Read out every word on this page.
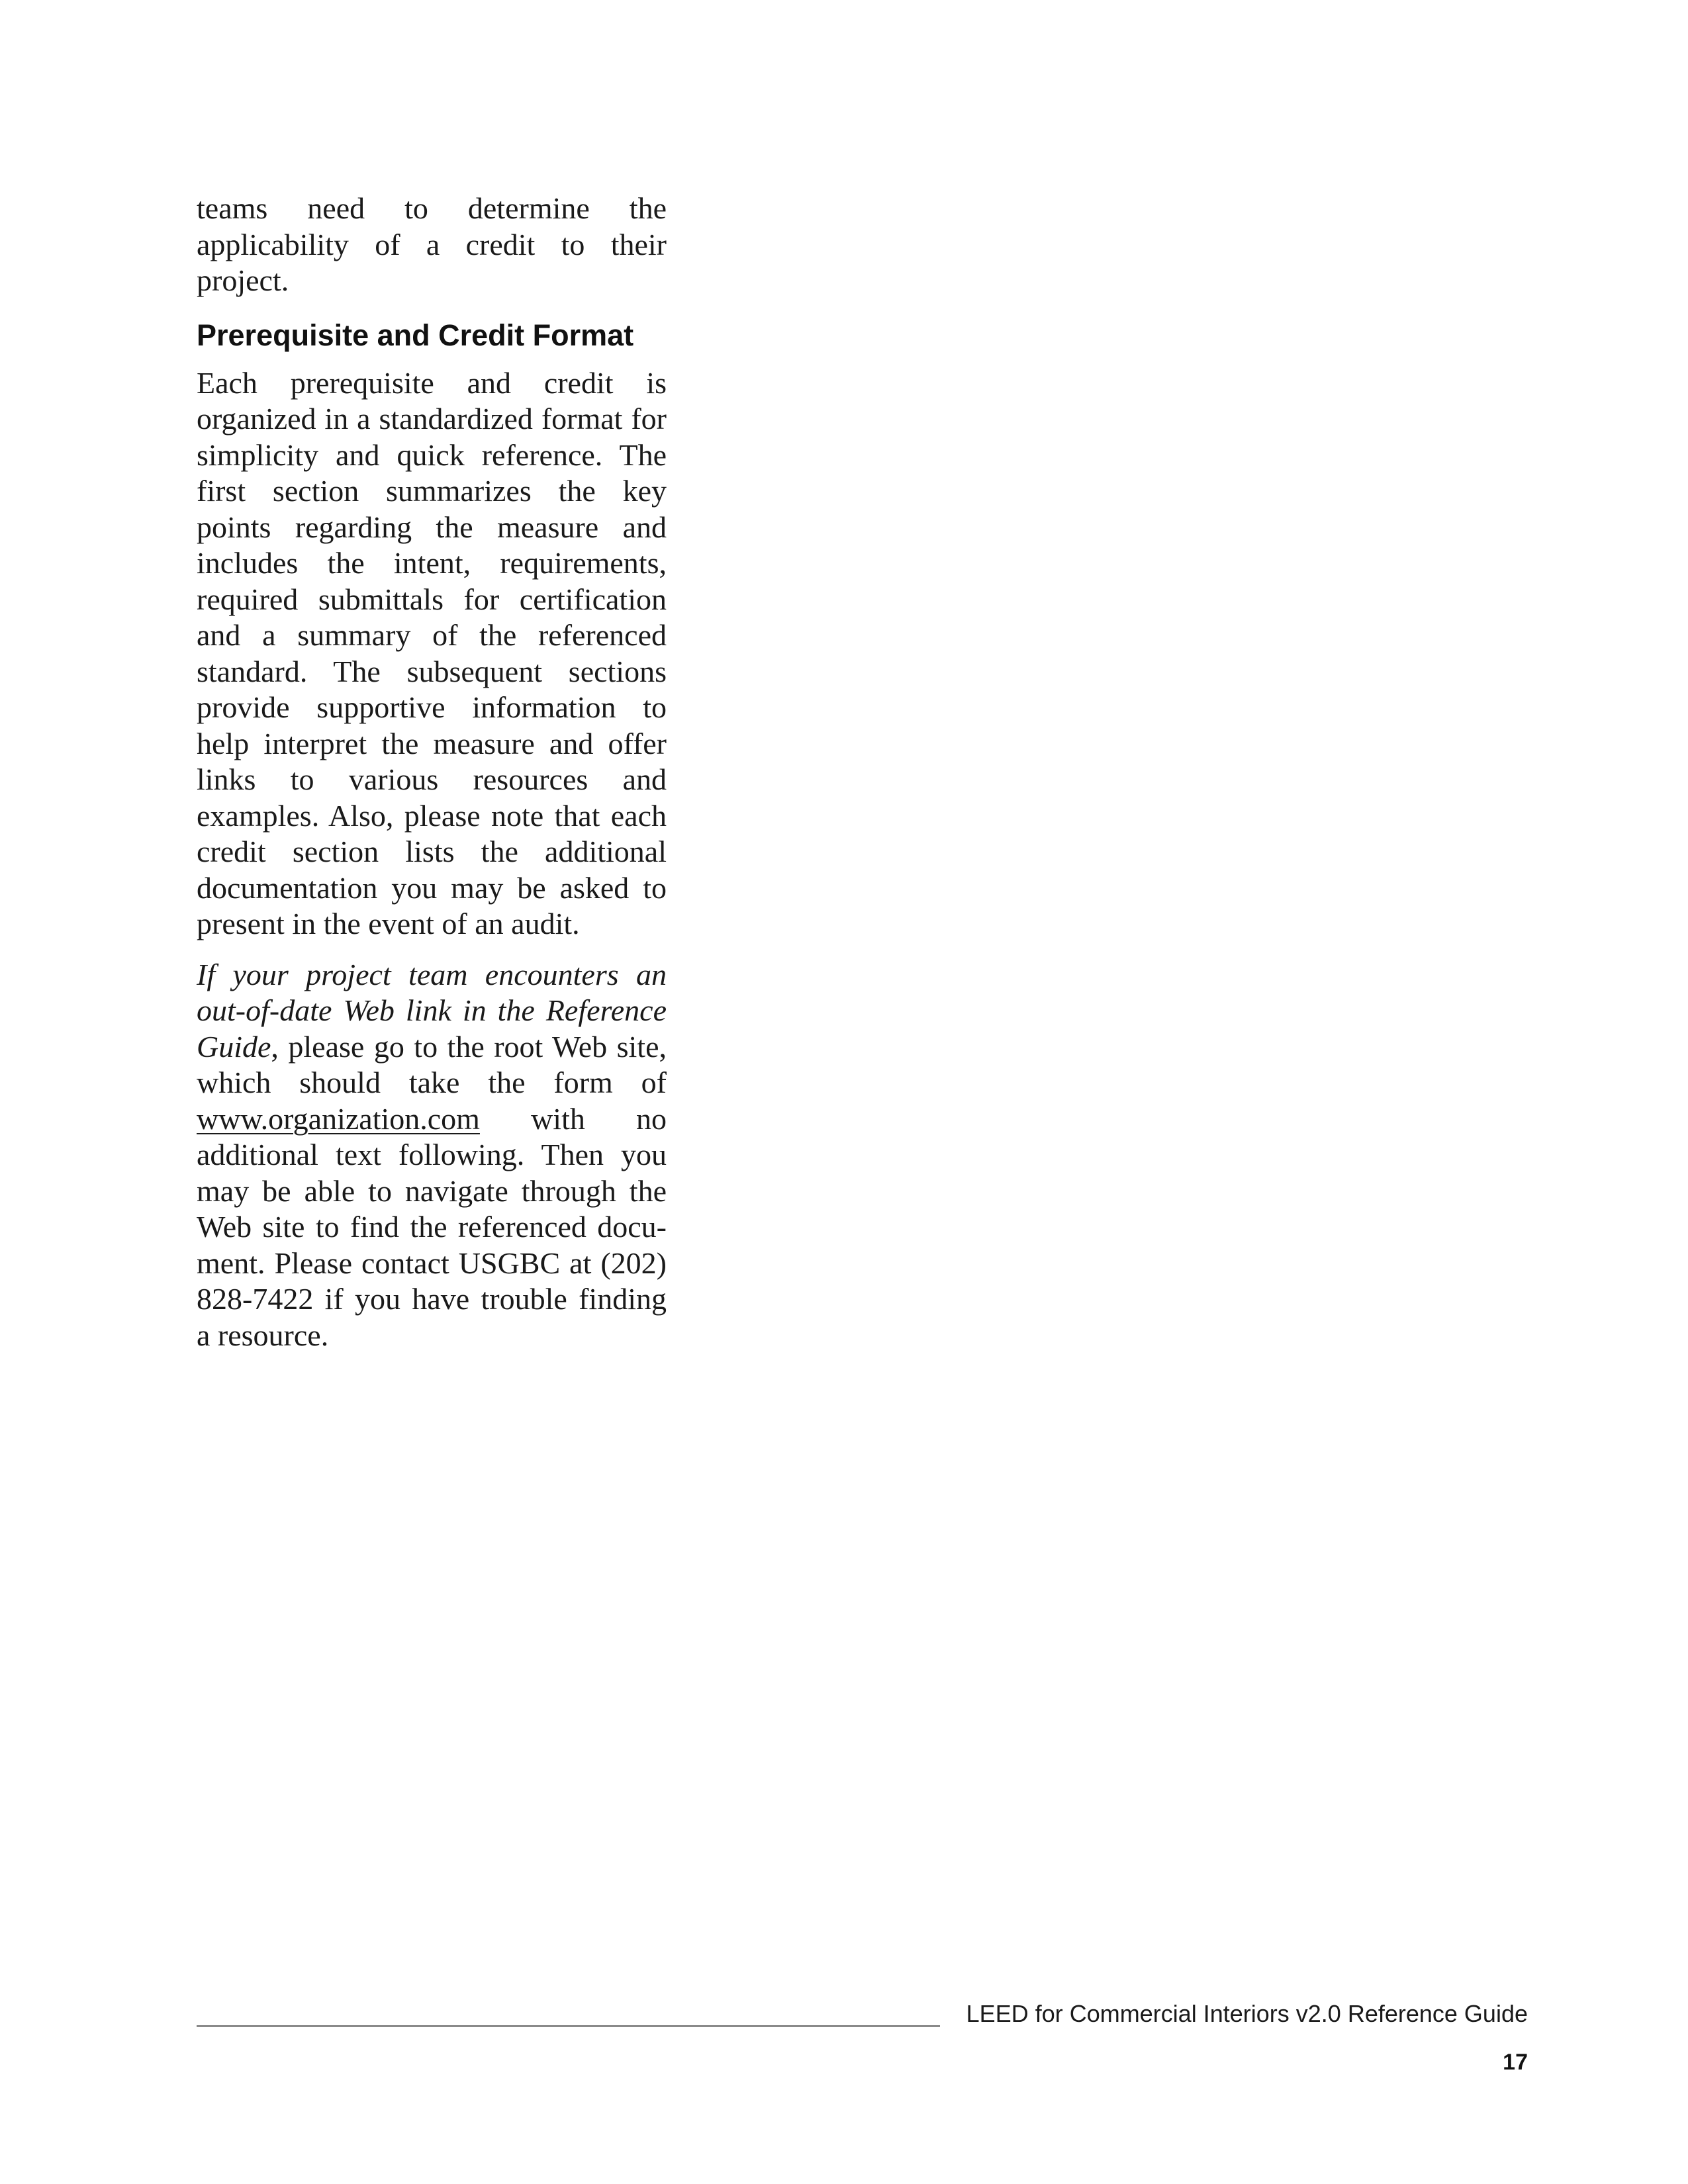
teams need to determine the applicability of a credit to their project.

Prerequisite and Credit Format

Each prerequisite and credit is organized in a standardized format for simplicity and quick reference. The first section summarizes the key points regarding the measure and includes the intent, requirements, required submittals for certification and a summary of the referenced standard. The subsequent sections provide supportive information to help interpret the measure and offer links to various resources and examples. Also, please note that each credit section lists the additional documentation you may be asked to present in the event of an audit.

If your project team encounters an out-of-date Web link in the Reference Guide, please go to the root Web site, which should take the form of www.organization.com with no additional text following. Then you may be able to navigate through the Web site to find the referenced document. Please contact USGBC at (202) 828-7422 if you have trouble finding a resource.

LEED for Commercial Interiors v2.0 Reference Guide
17
